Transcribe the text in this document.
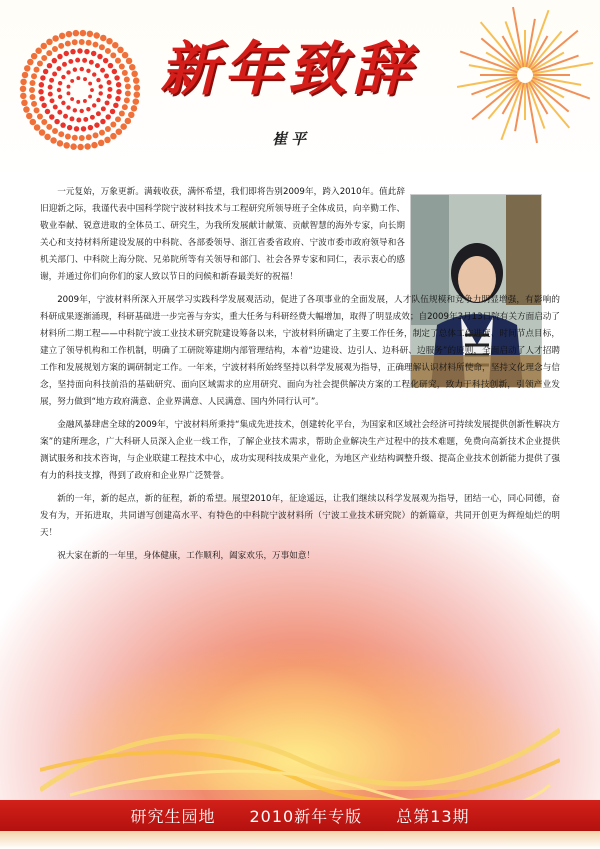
新年致辞
崔平

一元复始，万象更新。满载收获，满怀希望，我们即将告别2009年，跨入2010年。值此辞旧迎新之际，我谨代表中国科学院宁波材料技术与工程研究所领导班子全体成员，向辛勤工作、敬业奉献、锐意进取的全体员工、研究生，为我所发展献计献策、贡献智慧的海外专家，向长期关心和支持材料所建设发展的中科院、各部委领导、浙江省委省政府、宁波市委市政府领导和各机关部门、中科院上海分院、兄弟院所等有关领导和部门、社会各界专家和同仁，表示衷心的感谢，并通过你们向你们的家人致以节日的问候和新春最美好的祝福！

2009年，宁波材料所深入开展学习实践科学发展观活动，促进了各项事业的全面发展，人才队伍规模和竞争力明显增强，有影响的科研成果逐渐涌现，科研基础进一步完善与夯实，重大任务与科研经费大幅增加，取得了明显成效；自2009年3月13日院有关方面启动了材料所二期工程——中科院宁波工业技术研究院建设筹备以来，宁波材料所确定了主要工作任务，制定了总体工作进度、时间节点目标，建立了领导机构和工作机制，明确了工研院筹建期内部管理结构，本着“边建设、边引人、边科研、边服务”的原则，全面启动了人才招聘工作和发展规划方案的调研制定工作。一年来，宁波材料所始终坚持以科学发展观为指导，正确理解认识材料所使命，坚持文化理念与信念，坚持面向科技前沿的基础研究、面向区域需求的应用研究、面向为社会提供解决方案的工程化研究，致力于科技创新，引领产业发展，努力做到“地方政府满意、企业界满意、人民满意、国内外同行认可”。

金融风暴肆虐全球的2009年，宁波材料所秉持“集成先进技术，创建转化平台，为国家和区域社会经济可持续发展提供创新性解决方案”的建所理念，广大科研人员深入企业一线工作，了解企业技术需求，帮助企业解决生产过程中的技术难题，免费向高新技术企业提供测试服务和技术咨询，与企业联建工程技术中心，成功实现科技成果产业化，为地区产业结构调整升级、提高企业技术创新能力提供了强有力的科技支撑，得到了政府和企业界广泛赞誉。

新的一年，新的起点，新的征程，新的希望。展望2010年，征途遥远，让我们继续以科学发展观为指导，团结一心，同心同德，奋发有为，开拓进取，共同谱写创建高水平、有特色的中科院宁波材料所（宁波工业技术研究院）的新篇章，共同开创更为辉煌灿烂的明天！

祝大家在新的一年里，身体健康，工作顺利，阖家欢乐，万事如意！

研究生园地 2010新年专版 总第13期
